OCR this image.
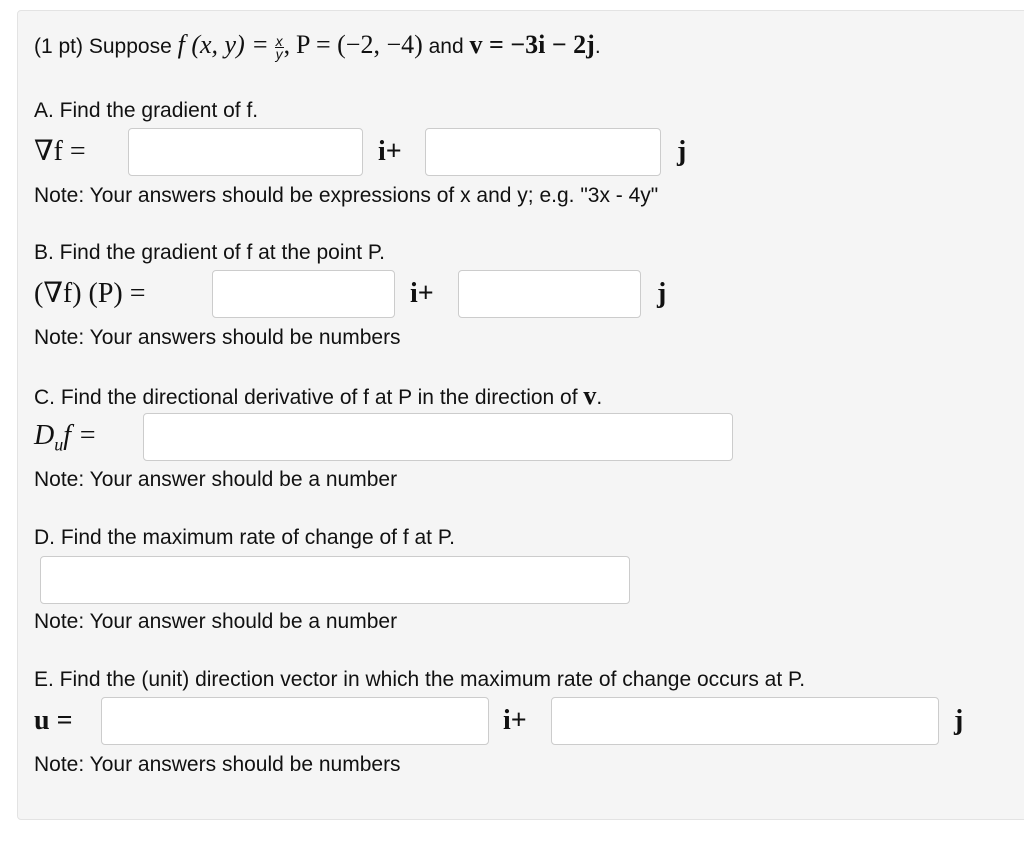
(1 pt) Suppose f (x, $y) = \frac{x}{y}$ , P = (−2, −4) and v = −3i − 2j.
A. Find the gradient of f.
∇f =	i+	j
Note: Your answers should be expressions of x and y; e.g. "3x - 4y"
B. Find the gradient of f at the point P.
(∇f) (P) =	i+	j
Note: Your answers should be numbers
C. Find the directional derivative of f at P in the direction of v.
$D_uf$ =
Note: Your answer should be a number
D. Find the maximum rate of change of f at P.
Note: Your answer should be a number
E. Find the (unit) direction vector in which the maximum rate of change occurs at P.
u =	i+	j
Note: Your answers should be numbers
